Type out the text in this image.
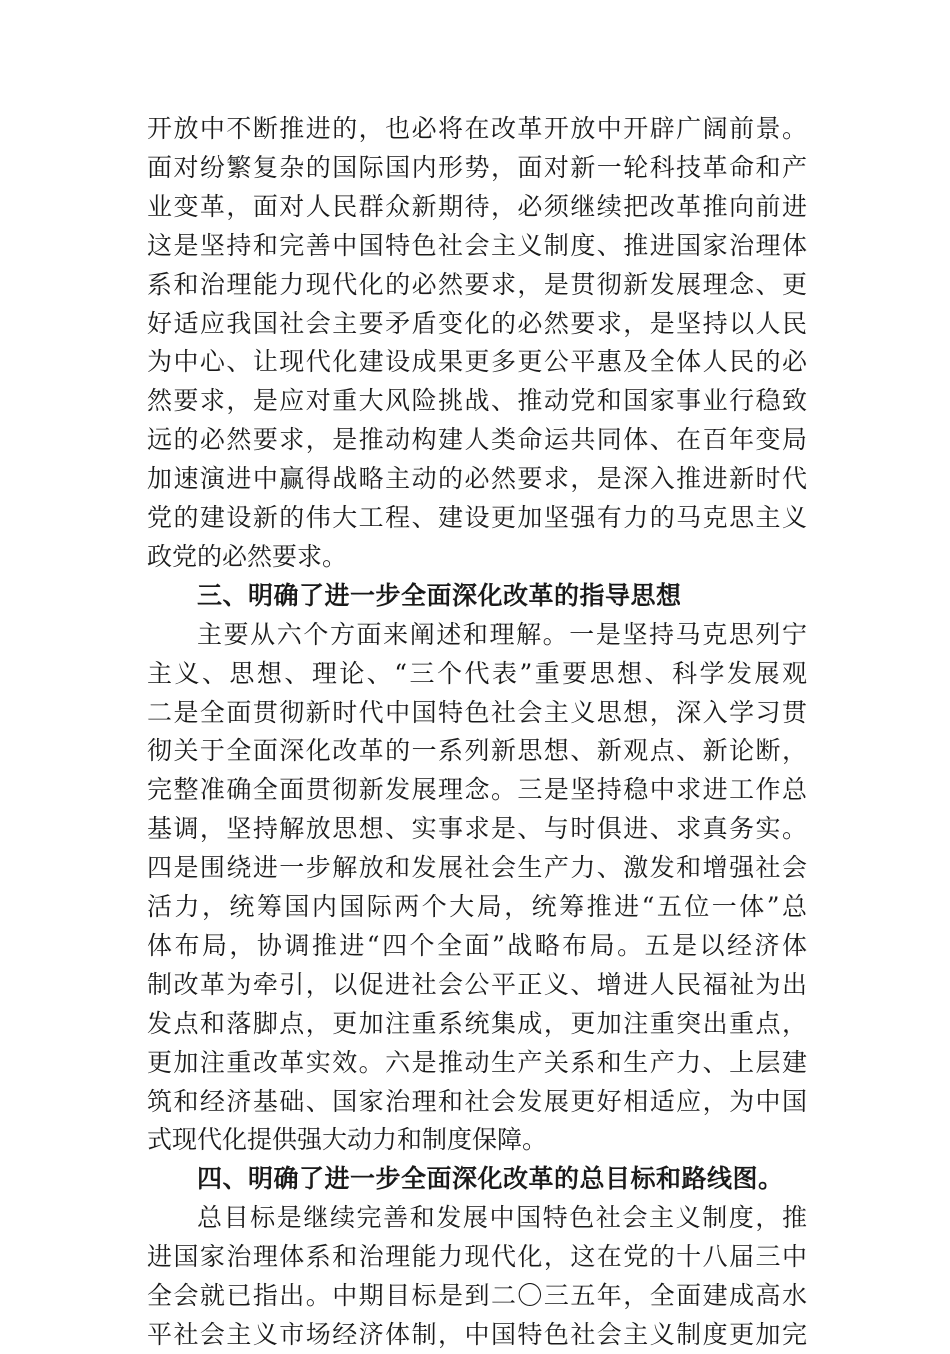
开放中不断推进的，也必将在改革开放中开辟广阔前景。
面对纷繁复杂的国际国内形势，面对新一轮科技革命和产
业变革，面对人民群众新期待，必须继续把改革推向前进
这是坚持和完善中国特色社会主义制度、推进国家治理体
系和治理能力现代化的必然要求，是贯彻新发展理念、更
好适应我国社会主要矛盾变化的必然要求，是坚持以人民
为中心、让现代化建设成果更多更公平惠及全体人民的必
然要求，是应对重大风险挑战、推动党和国家事业行稳致
远的必然要求，是推动构建人类命运共同体、在百年变局
加速演进中赢得战略主动的必然要求，是深入推进新时代
党的建设新的伟大工程、建设更加坚强有力的马克思主义
政党的必然要求。
三、明确了进一步全面深化改革的指导思想
主要从六个方面来阐述和理解。一是坚持马克思列宁
主义、思想、理论、“三个代表”重要思想、科学发展观
二是全面贯彻新时代中国特色社会主义思想，深入学习贯
彻关于全面深化改革的一系列新思想、新观点、新论断，
完整准确全面贯彻新发展理念。三是坚持稳中求进工作总
基调，坚持解放思想、实事求是、与时俱进、求真务实。
四是围绕进一步解放和发展社会生产力、激发和增强社会
活力，统筹国内国际两个大局，统筹推进“五位一体”总
体布局，协调推进“四个全面”战略布局。五是以经济体
制改革为牵引，以促进社会公平正义、增进人民福祉为出
发点和落脚点，更加注重系统集成，更加注重突出重点，
更加注重改革实效。六是推动生产关系和生产力、上层建
筑和经济基础、国家治理和社会发展更好相适应，为中国
式现代化提供强大动力和制度保障。
四、明确了进一步全面深化改革的总目标和路线图。
总目标是继续完善和发展中国特色社会主义制度，推
进国家治理体系和治理能力现代化，这在党的十八届三中
全会就已指出。中期目标是到二〇三五年，全面建成高水
平社会主义市场经济体制，中国特色社会主义制度更加完
